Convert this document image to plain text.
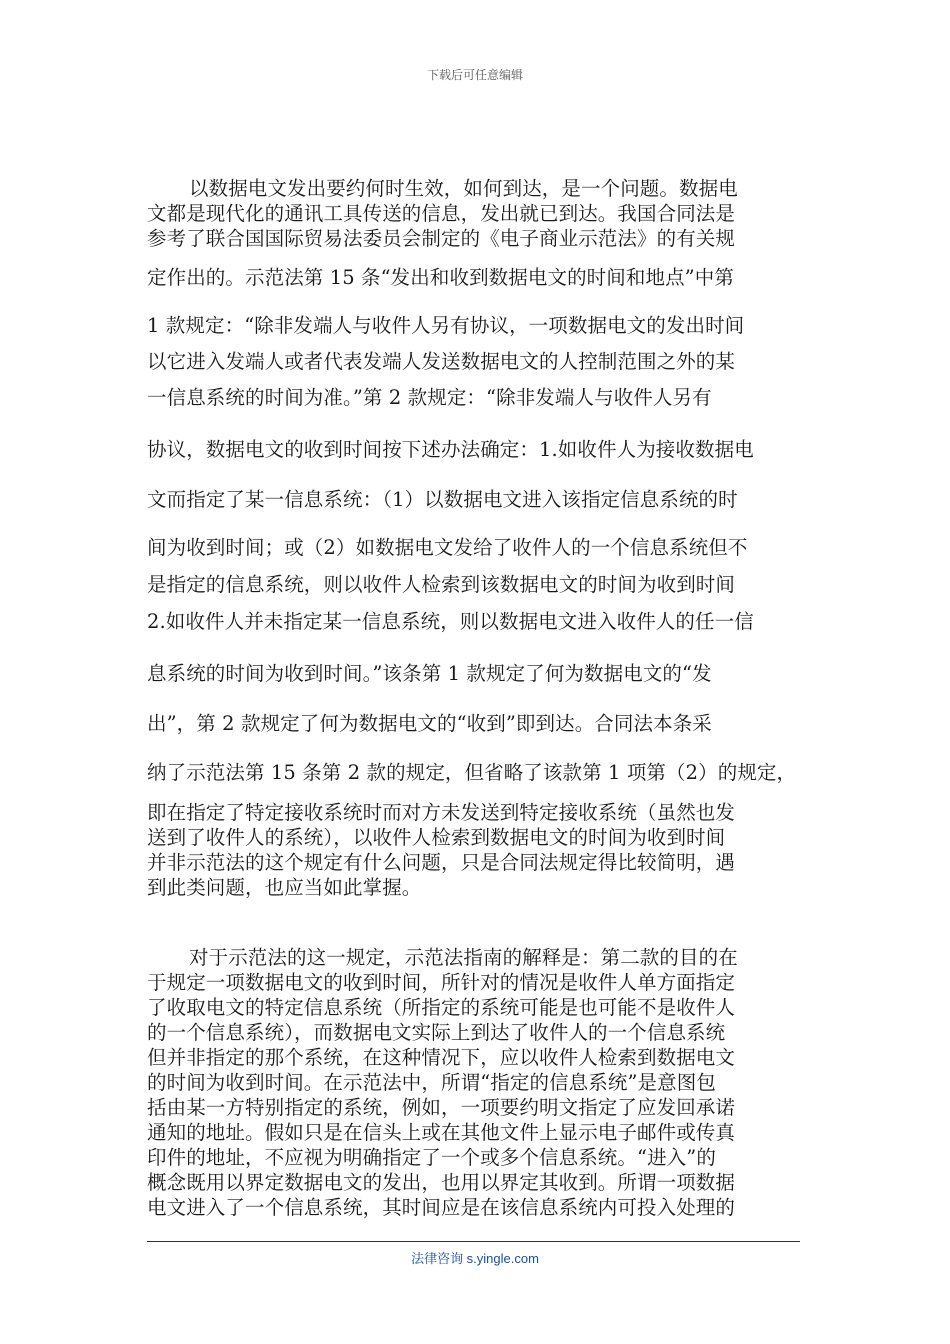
下载后可任意编辑
以数据电文发出要约何时生效，如何到达，是一个问题。数据电
文都是现代化的通讯工具传送的信息，发出就已到达。我国合同法是
参考了联合国国际贸易法委员会制定的《电子商业示范法》的有关规
定作出的。示范法第 15 条“发出和收到数据电文的时间和地点”中第
1 款规定：“除非发端人与收件人另有协议，一项数据电文的发出时间
以它进入发端人或者代表发端人发送数据电文的人控制范围之外的某
一信息系统的时间为准。”第 2 款规定：“除非发端人与收件人另有
协议，数据电文的收到时间按下述办法确定：1.如收件人为接收数据电
文而指定了某一信息系统：（1）以数据电文进入该指定信息系统的时
间为收到时间；或（2）如数据电文发给了收件人的一个信息系统但不
是指定的信息系统，则以收件人检索到该数据电文的时间为收到时间
2.如收件人并未指定某一信息系统，则以数据电文进入收件人的任一信
息系统的时间为收到时间。”该条第 1 款规定了何为数据电文的“发
出”，第 2 款规定了何为数据电文的“收到”即到达。合同法本条采
纳了示范法第 15 条第 2 款的规定，但省略了该款第 1 项第（2）的规定，
即在指定了特定接收系统时而对方未发送到特定接收系统（虽然也发
送到了收件人的系统），以收件人检索到数据电文的时间为收到时间
并非示范法的这个规定有什么问题，只是合同法规定得比较简明，遇
到此类问题，也应当如此掌握。
对于示范法的这一规定，示范法指南的解释是：第二款的目的在
于规定一项数据电文的收到时间，所针对的情况是收件人单方面指定
了收取电文的特定信息系统（所指定的系统可能是也可能不是收件人
的一个信息系统），而数据电文实际上到达了收件人的一个信息系统
但并非指定的那个系统，在这种情况下，应以收件人检索到数据电文
的时间为收到时间。在示范法中，所谓“指定的信息系统”是意图包
括由某一方特别指定的系统，例如，一项要约明文指定了应发回承诺
通知的地址。假如只是在信头上或在其他文件上显示电子邮件或传真
印件的地址，不应视为明确指定了一个或多个信息系统。“进入”的
概念既用以界定数据电文的发出，也用以界定其收到。所谓一项数据
电文进入了一个信息系统，其时间应是在该信息系统内可投入处理的
法律咨询 s.yingle.com
